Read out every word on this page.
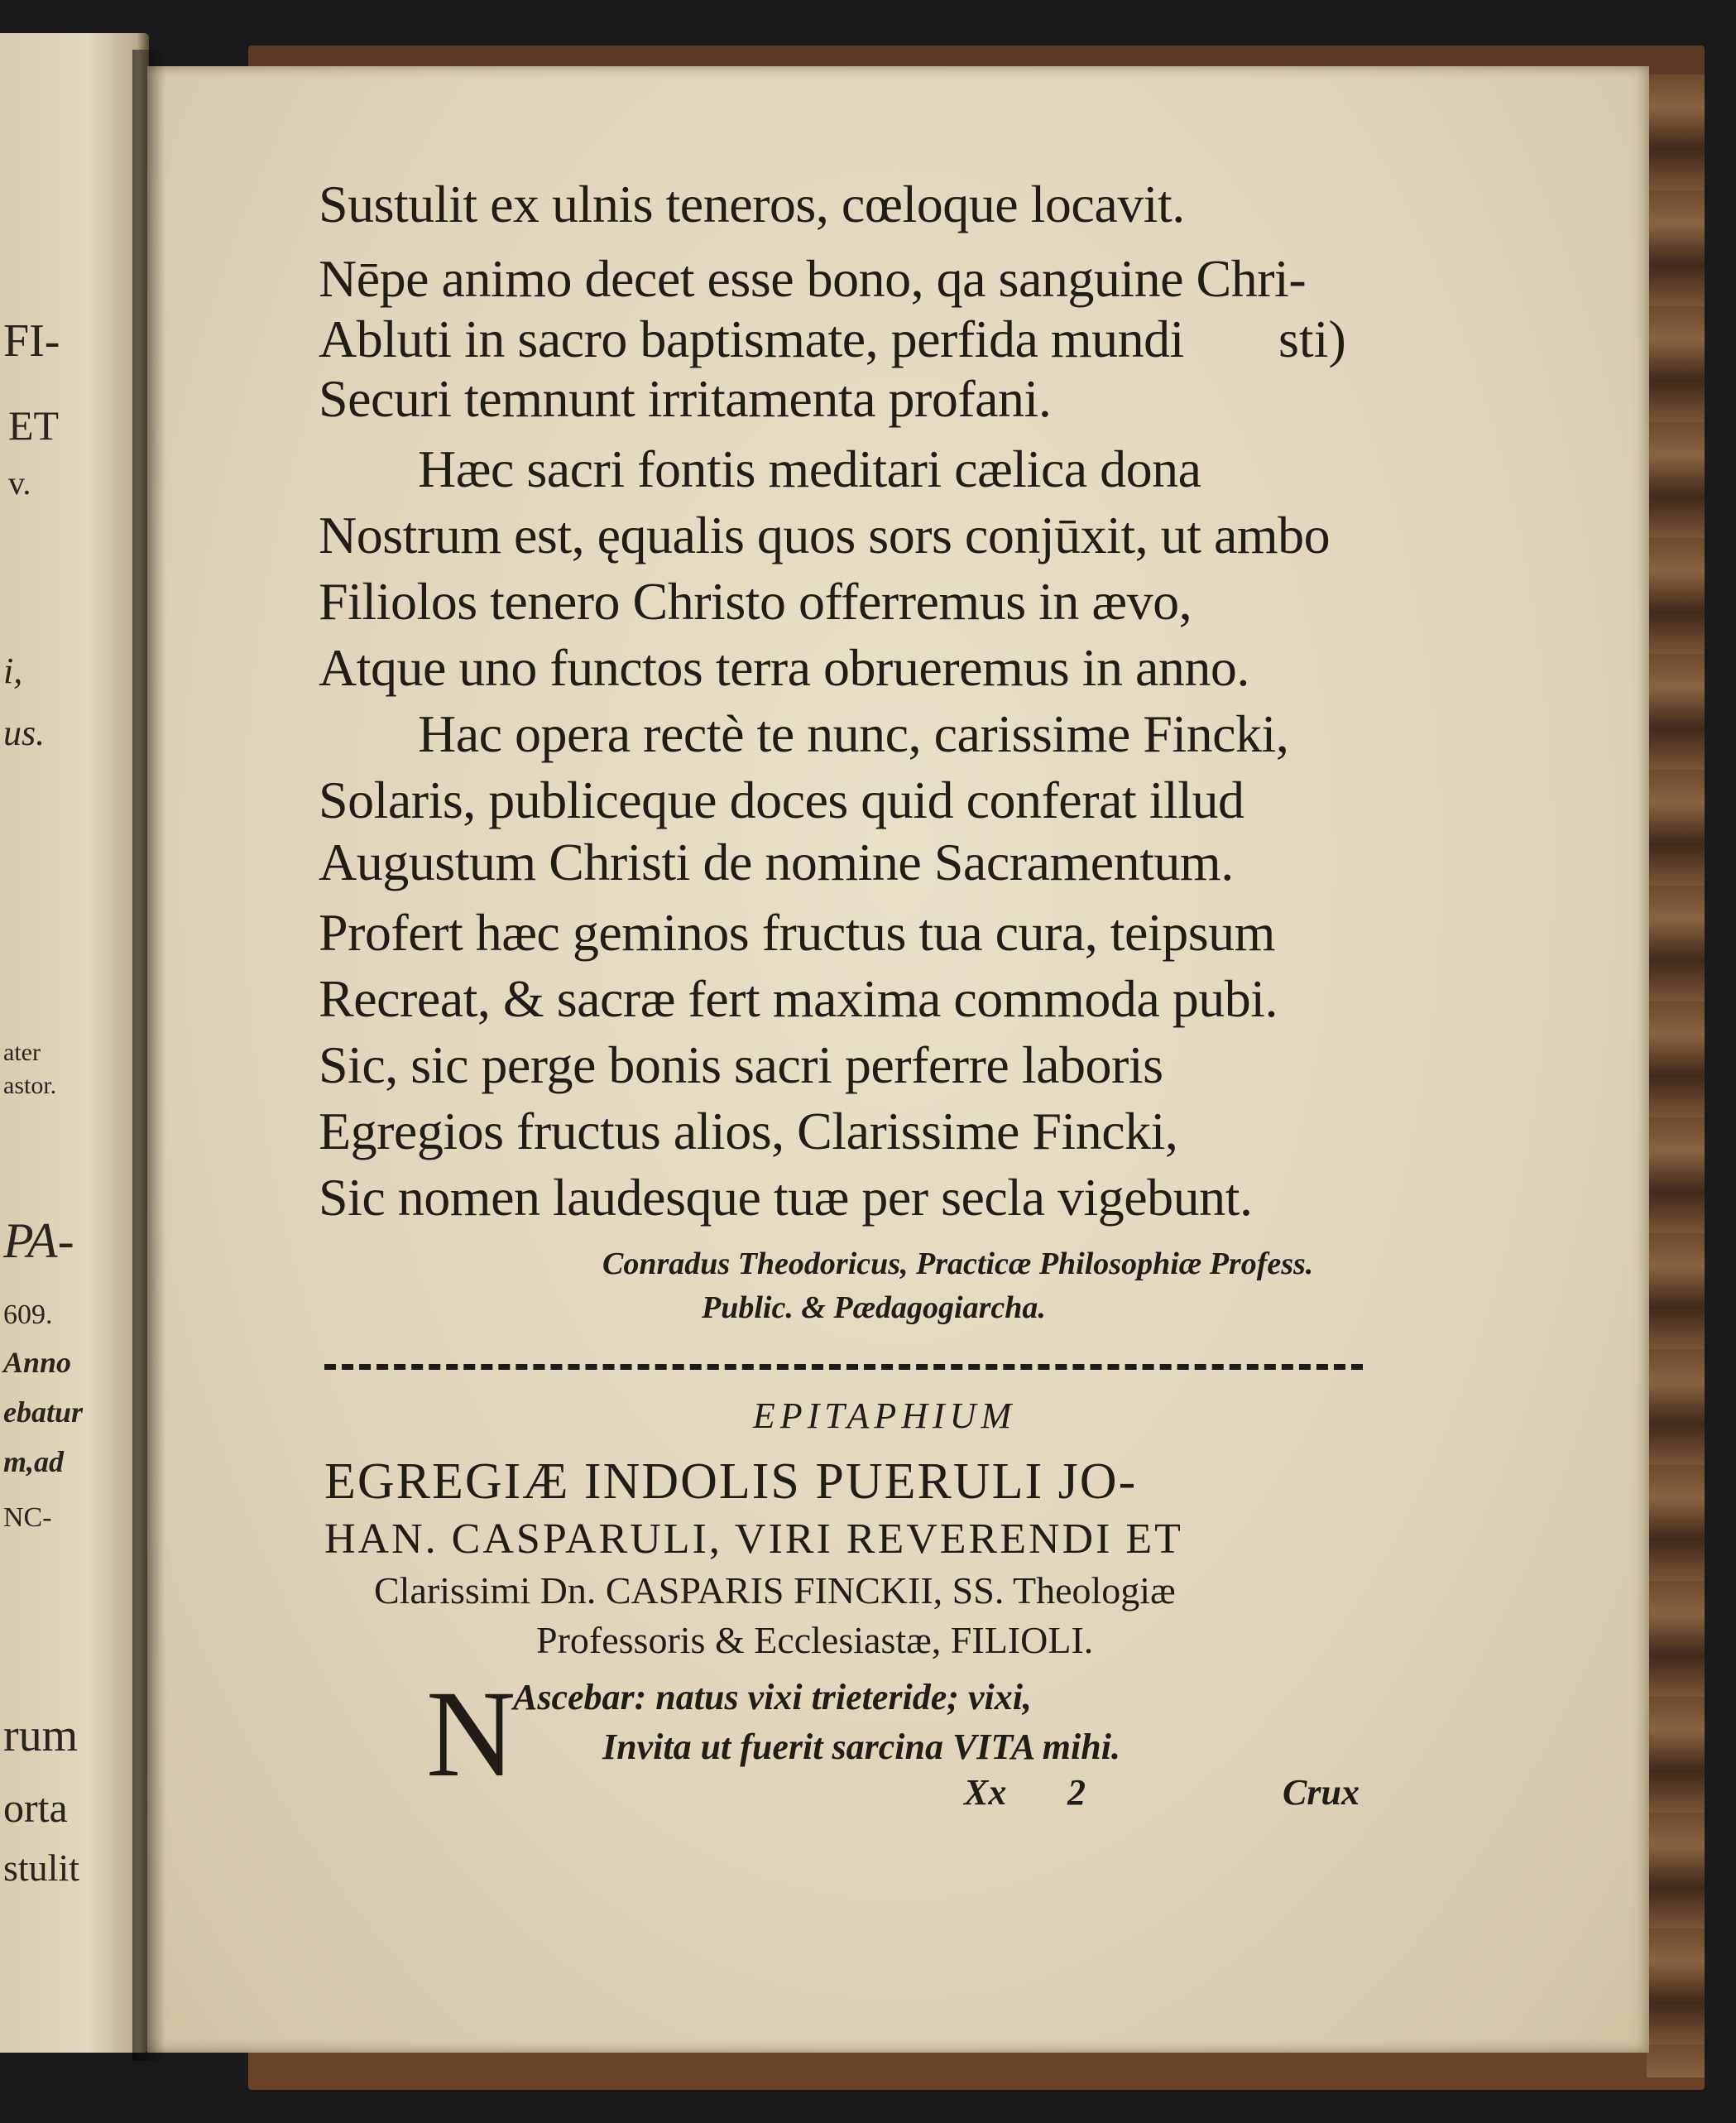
FI-
ET
v.
i,
us.
ater
astor.
PA-
609.
Anno
ebatur
m,ad
NC-
rum
orta
stulit
Sustulit ex ulnis teneros, cœloque locavit.
Nēpe animo decet esse bono, qa sanguine Chri-
Abluti in sacro baptismate, perfida mundi sti)
Securi temnunt irritamenta profani.
Hæc sacri fontis meditari cælica dona
Nostrum est, ęqualis quos sors conjūxit, ut ambo
Filiolos tenero Christo offerremus in ævo,
Atque uno functos terra obrueremus in anno.
Hac opera rectè te nunc, carissime Fincki,
Solaris, publiceque doces quid conferat illud
Augustum Christi de nomine Sacramentum.
Profert hæc geminos fructus tua cura, teipsum
Recreat, & sacræ fert maxima commoda pubi.
Sic, sic perge bonis sacri perferre laboris
Egregios fructus alios, Clarissime Fincki,
Sic nomen laudesque tuæ per secla vigebunt.
Conradus Theodoricus, Practicæ Philosophiæ Profess.
Public. & Pædagogiarcha.
EPITAPHIUM
EGREGIÆ INDOLIS PUERULI JO-
HAN. CASPARULI, VIRI REVERENDI ET
Clarissimi Dn. CASPARIS FINCKII, SS. Theologiæ
Professoris & Ecclesiastæ, FILIOLI.
N
Ascebar: natus vixi trieteride; vixi,
Invita ut fuerit sarcina VITA mihi.
Xx 2	Crux
